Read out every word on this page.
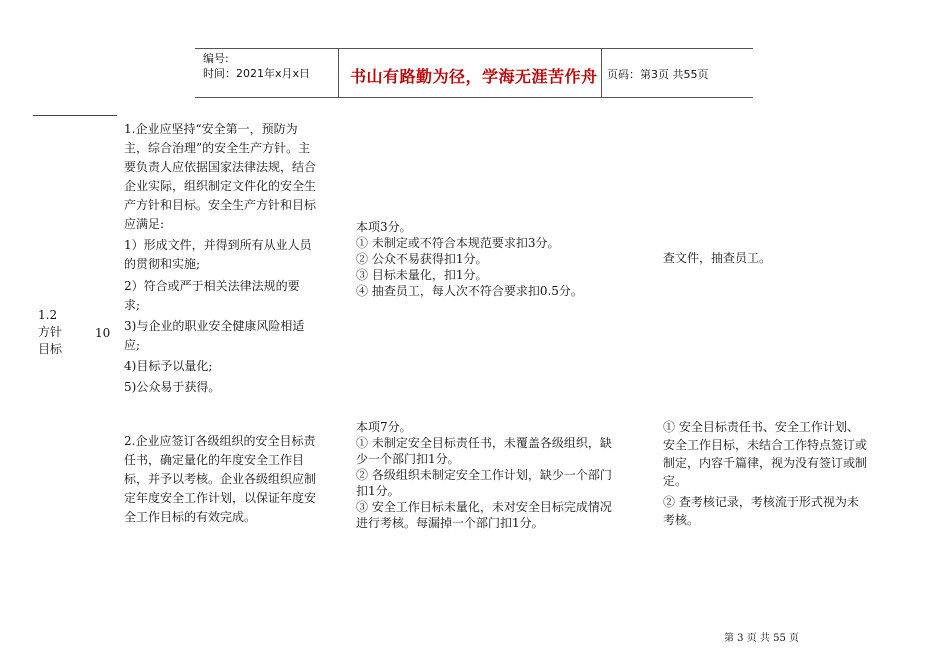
编号:
时间：2021年x月x日 书山有路勤为径，学海无涯苦作舟 页码：第3页 共55页
1.2
方针
目标
10

1.企业应坚持“安全第一，预防为

主，综合治理”的安全生产方针。主

要负责人应依据国家法律法规，结合

企业实际，组织制定文件化的安全生

产方针和目标。安全生产方针和目标

应满足:

1）形成文件，并得到所有从业人员

的贯彻和实施;

2）符合或严于相关法律法规的要

求;

3)与企业的职业安全健康风险相适

应;

4)目标予以量化;

5)公众易于获得。

本项3分。

① 未制定或不符合本规范要求扣3分。

② 公众不易获得扣1分。

③ 目标未量化，扣1分。

④ 抽查员工，每人次不符合要求扣0.5分。

查文件，抽查员工。

2.企业应签订各级组织的安全目标责

任书，确定量化的年度安全工作目

标，并予以考核。企业各级组织应制

定年度安全工作计划，以保证年度安

全工作目标的有效完成。

本项7分。

① 未制定安全目标责任书，未覆盖各级组织，缺

少一个部门扣1分。

② 各级组织未制定安全工作计划，缺少一个部门

扣1分。

③ 安全工作目标未量化，未对安全目标完成情况

进行考核。每漏掉一个部门扣1分。

① 安全目标责任书、安全工作计划、

安全工作目标，未结合工作特点签订或

制定，内容千篇律，视为没有签订或制

定。

② 查考核记录，考核流于形式视为未

考核。

第 3 页 共 55 页
